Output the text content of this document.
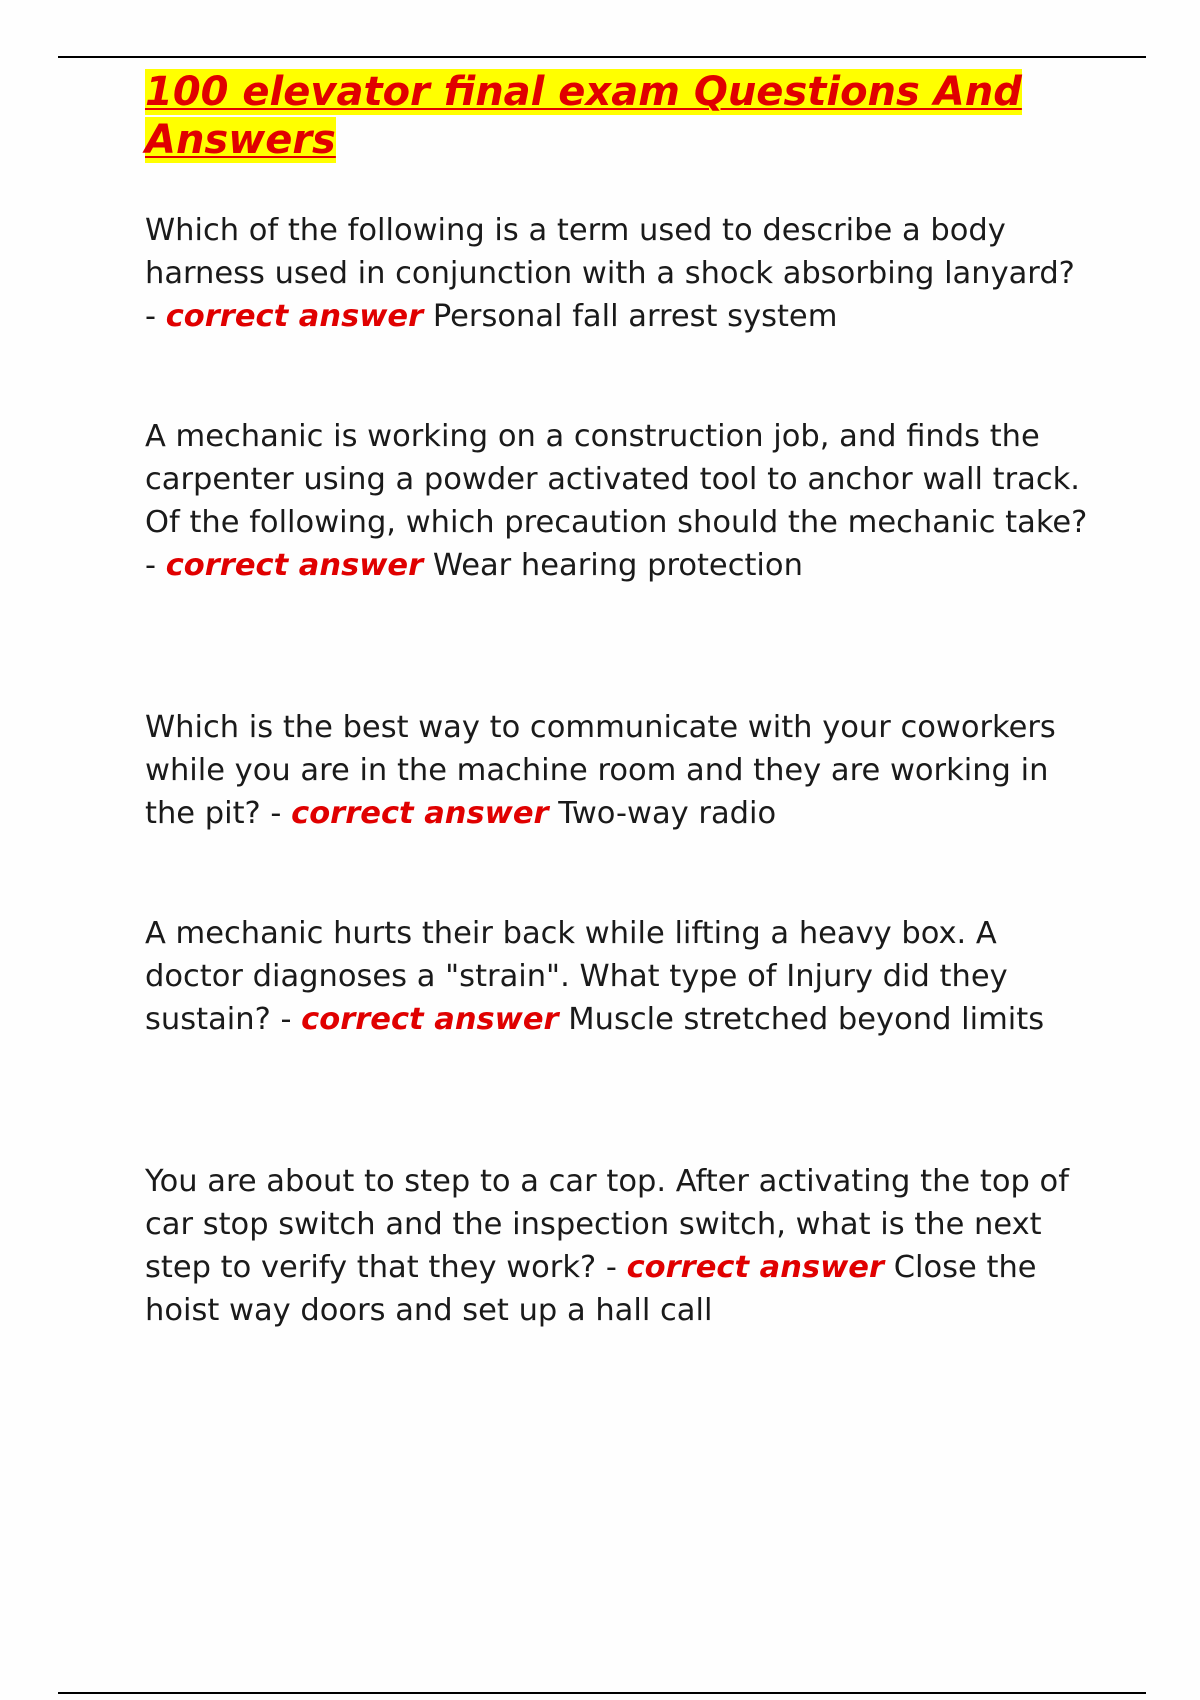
100 elevator final exam Questions And Answers

Which of the following is a term used to describe a body harness used in conjunction with a shock absorbing lanyard? - correct answer Personal fall arrest system

A mechanic is working on a construction job, and finds the carpenter using a powder activated tool to anchor wall track. Of the following, which precaution should the mechanic take? - correct answer Wear hearing protection

Which is the best way to communicate with your coworkers while you are in the machine room and they are working in the pit? - correct answer Two-way radio

A mechanic hurts their back while lifting a heavy box. A doctor diagnoses a "strain". What type of Injury did they sustain? - correct answer Muscle stretched beyond limits

You are about to step to a car top. After activating the top of car stop switch and the inspection switch, what is the next step to verify that they work? - correct answer Close the hoist way doors and set up a hall call
